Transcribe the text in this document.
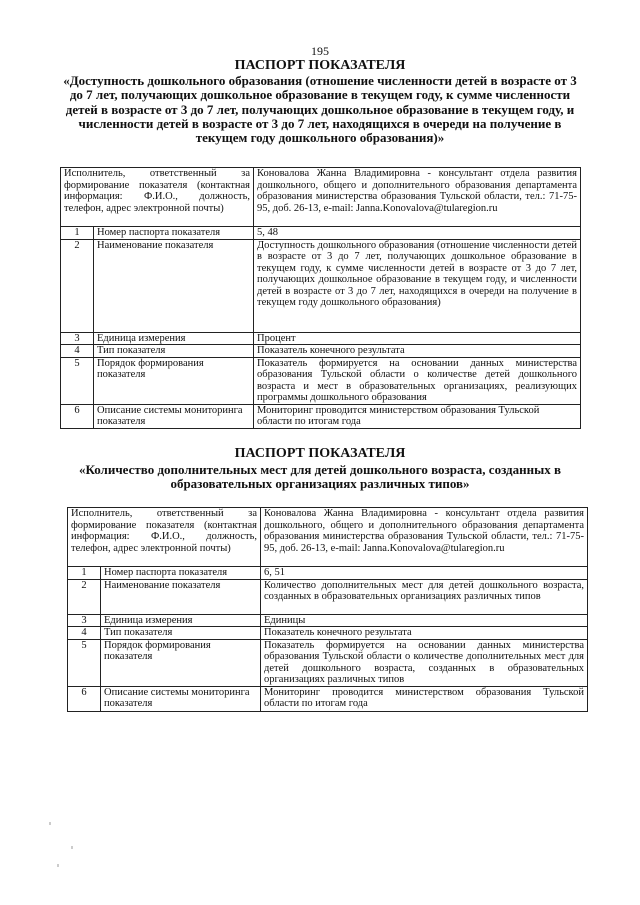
195
ПАСПОРТ ПОКАЗАТЕЛЯ
«Доступность дошкольного образования (отношение численности детей в возрасте от 3 до 7 лет, получающих дошкольное образование в текущем году, к сумме численности детей в возрасте от 3 до 7 лет, получающих дошкольное образование в текущем году, и численности детей в возрасте от 3 до 7 лет, находящихся в очереди на получение в текущем году дошкольного образования)»
Исполнитель, ответственный за формирование показателя (контактная информация: Ф.И.О., должность, телефон, адрес электронной почты)		Коновалова Жанна Владимировна - консультант отдела развития дошкольного, общего и дополнительного образования департамента образования министерства образования Тульской области, тел.: 71-75-95, доб. 26-13, e-mail: Janna.Konovalova@tularegion.ru
1	Номер паспорта показателя	5, 48
2	Наименование показателя	Доступность дошкольного образования (отношение численности детей в возрасте от 3 до 7 лет, получающих дошкольное образование в текущем году, к сумме численности детей в возрасте от 3 до 7 лет, получающих дошкольное образование в текущем году, и численности детей в возрасте от 3 до 7 лет, находящихся в очереди на получение в текущем году дошкольного образования)
3	Единица измерения	Процент
4	Тип показателя	Показатель конечного результата
5	Порядок формирования показателя	Показатель формируется на основании данных министерства образования Тульской области о количестве детей дошкольного возраста и мест в образовательных организациях, реализующих программы дошкольного образования
6	Описание системы мониторинга показателя	Мониторинг проводится министерством образования Тульской области по итогам года
ПАСПОРТ ПОКАЗАТЕЛЯ
«Количество дополнительных мест для детей дошкольного возраста, созданных в образовательных организациях различных типов»
Исполнитель, ответственный за формирование показателя (контактная информация: Ф.И.О., должность, телефон, адрес электронной почты)		Коновалова Жанна Владимировна - консультант отдела развития дошкольного, общего и дополнительного образования департамента образования министерства образования Тульской области, тел.: 71-75-95, доб. 26-13, e-mail: Janna.Konovalova@tularegion.ru
1	Номер паспорта показателя	6, 51
2	Наименование показателя	Количество дополнительных мест для детей дошкольного возраста, созданных в образовательных организациях различных типов
3	Единица измерения	Единицы
4	Тип показателя	Показатель конечного результата
5	Порядок формирования показателя	Показатель формируется на основании данных министерства образования Тульской области о количестве дополнительных мест для детей дошкольного возраста, созданных в образовательных организациях различных типов
6	Описание системы мониторинга показателя	Мониторинг проводится министерством образования Тульской области по итогам года
